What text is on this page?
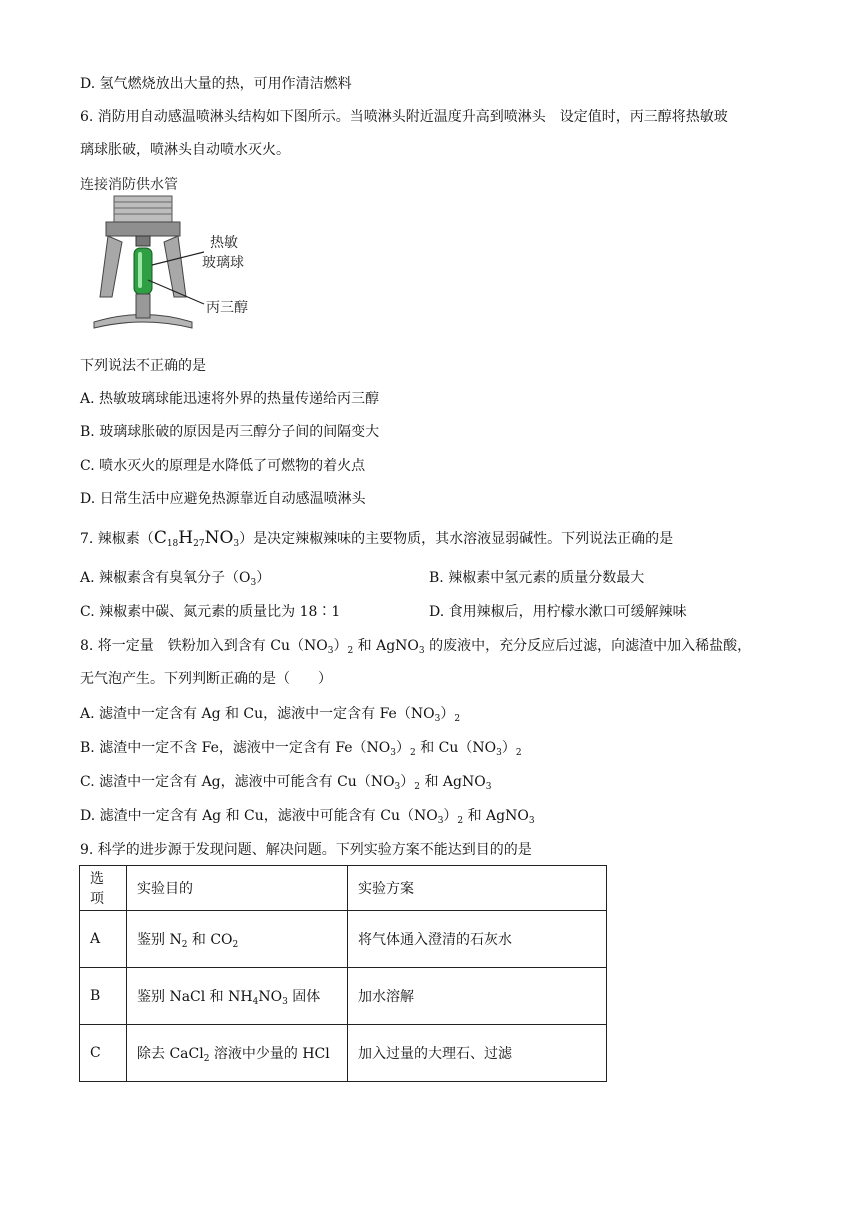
D. 氢气燃烧放出大量的热，可用作清洁燃料
6. 消防用自动感温喷淋头结构如下图所示。当喷淋头附近温度升高到喷淋头　设定值时，丙三醇将热敏玻
璃球胀破，喷淋头自动喷水灭火。
连接消防供水管
热敏
玻璃球
丙三醇
下列说法不正确的是
A. 热敏玻璃球能迅速将外界的热量传递给丙三醇
B. 玻璃球胀破的原因是丙三醇分子间的间隔变大
C. 喷水灭火的原理是水降低了可燃物的着火点
D. 日常生活中应避免热源靠近自动感温喷淋头
7. 辣椒素$(C_{18}H_{27}NO_3)$是决定辣椒辣味的主要物质，其水溶液显弱碱性。下列说法正确的是
A. 辣椒素含有臭氧分子$(O_3)$	B. 辣椒素中氢元素的质量分数最大
C. 辣椒素中碳、氮元素的质量比为 18∶1	D. 食用辣椒后，用柠檬水漱口可缓解辣味
8. 将一定量　铁粉加入到含有 $Cu(NO_3)_2$ 和 AgNO$_3$ 的废液中，充分反应后过滤，向滤渣中加入稀盐酸，
无气泡产生。下列判断正确的是（　　）
A. 滤渣中一定含有 Ag 和 Cu，滤液中一定含有 $Fe(NO_3)_2$
B. 滤渣中一定不含 Fe，滤液中一定含有 $Fe(NO_3)_2$ 和 $Cu(NO_3)_2$
C. 滤渣中一定含有 Ag，滤液中可能含有 $Cu(NO_3)_2$ 和 AgNO$_3$
D. 滤渣中一定含有 Ag 和 Cu，滤液中可能含有 $Cu(NO_3)_2$ 和 AgNO$_3$
9. 科学的进步源于发现问题、解决问题。下列实验方案不能达到目的的是
选项	实验目的	实验方案
A	鉴别 $N_2$ 和 $CO_2$	将气体通入澄清的石灰水
B	鉴别 NaCl 和 $NH_4NO_3$ 固体	加水溶解
C	除去 CaCl$_2$ 溶液中少量的 HCl	加入过量的大理石、过滤
